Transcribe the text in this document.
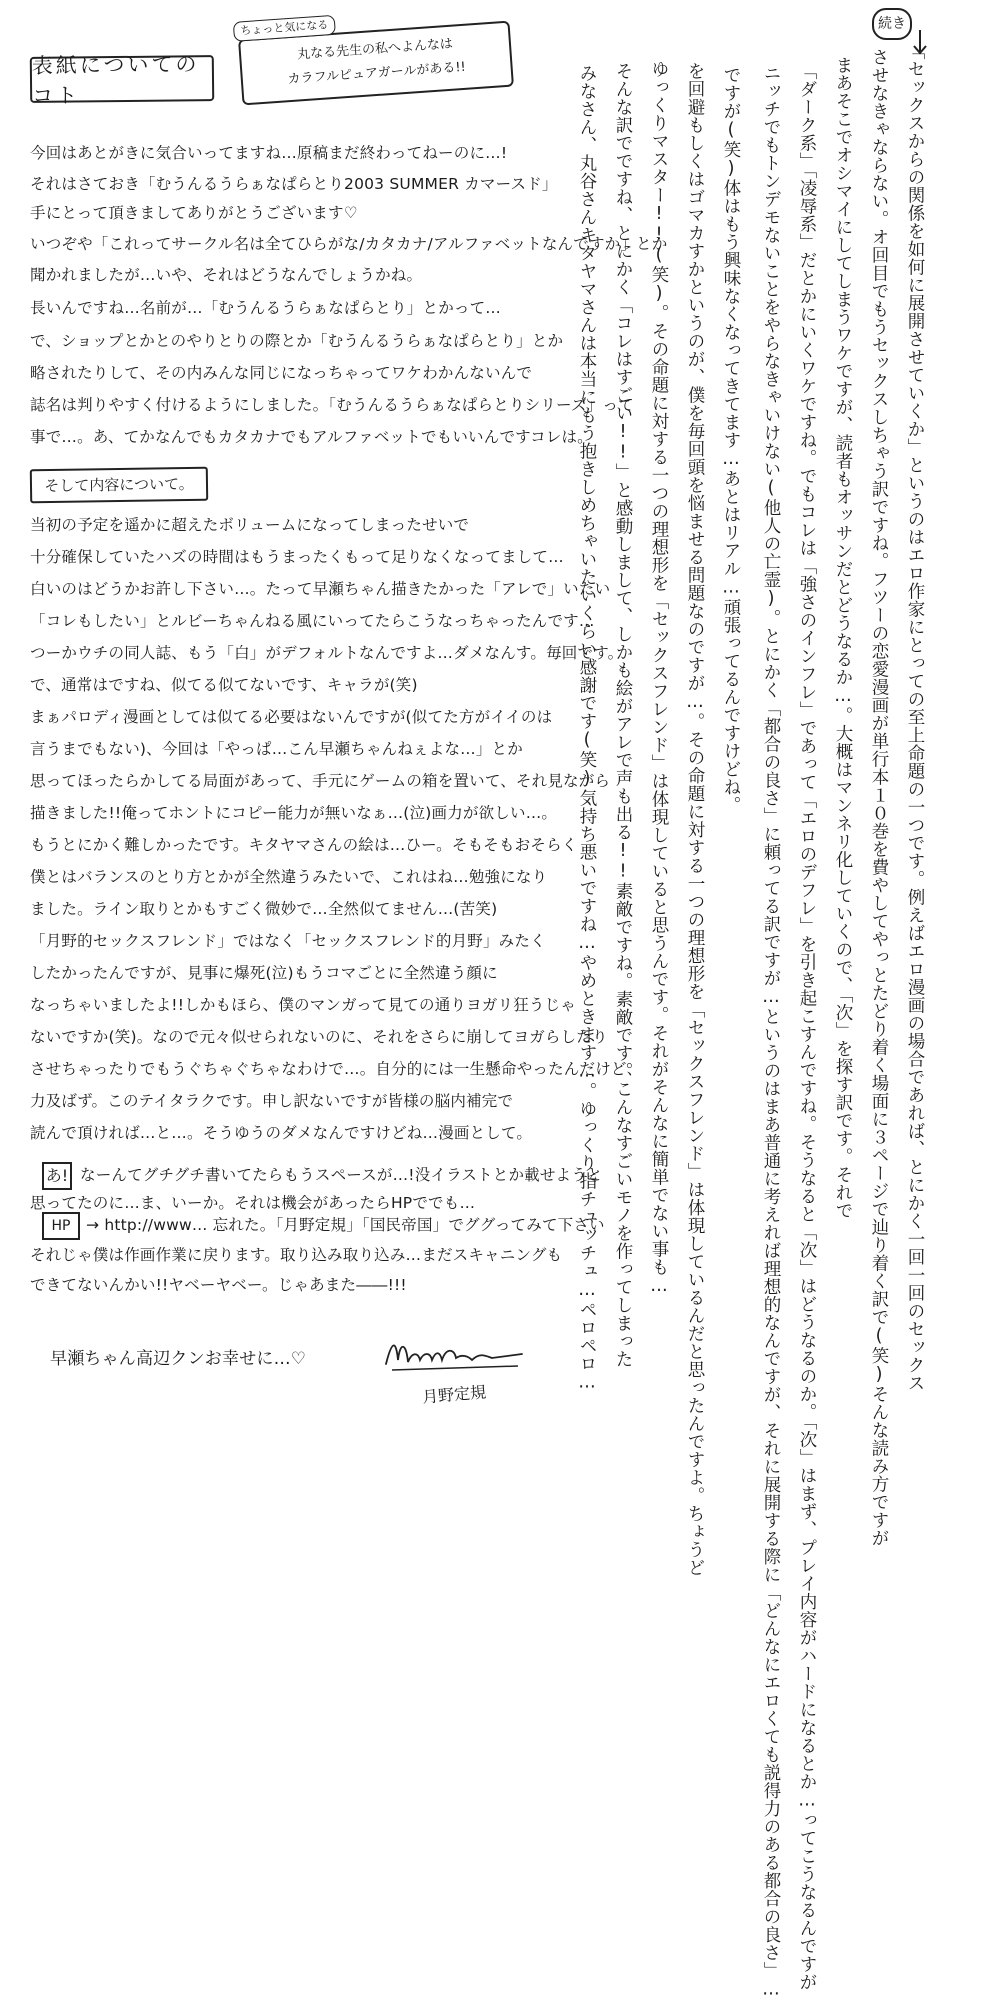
表紙についてのコト
ちょっと気になる
丸なる先生の私へよんなは
カラフルピュアガールがある!!
今回はあとがきに気合いってますね…原稿まだ終わってねーのに…!
それはさておき「むうんるうらぁなぱらとり2003 SUMMER カマースド」
手にとって頂きましてありがとうございます♡
いつぞや「これってサークル名は全てひらがな/カタカナ/アルファベットなんですか」とか
聞かれましたが…いや、それはどうなんでしょうかね。
長いんですね…名前が…「むうんるうらぁなぱらとり」とかって…
で、ショップとかとのやりとりの際とか「むうんるうらぁなぱらとり」とか
略されたりして、その内みんな同じになっちゃってワケわかんないんで
誌名は判りやすく付けるようにしました。「むうんるうらぁなぱらとりシリーズ」って
事で…。あ、てかなんでもカタカナでもアルファベットでもいいんですコレは。
そして内容について。
当初の予定を遥かに超えたボリュームになってしまったせいで
十分確保していたハズの時間はもうまったくもって足りなくなってまして…
白いのはどうかお許し下さい…。たって早瀬ちゃん描きたかった「アレで」いたい
「コレもしたい」とルビーちゃんねる風にいってたらこうなっちゃったんです…
つーかウチの同人誌、もう「白」がデフォルトなんですよ…ダメなんす。毎回です。
で、通常はですね、似てる似てないです、キャラが(笑)
まぁパロディ漫画としては似てる必要はないんですが(似てた方がイイのは
言うまでもない)、今回は「やっぱ…こん早瀬ちゃんねぇよな…」とか
思ってほったらかしてる局面があって、手元にゲームの箱を置いて、それ見ながら
描きました!!俺ってホントにコピー能力が無いなぁ…(泣)画力が欲しい…。
もうとにかく難しかったです。キタヤマさんの絵は…ひー。そもそもおそらく
僕とはバランスのとり方とかが全然違うみたいで、これはね…勉強になり
ました。ライン取りとかもすごく微妙で…全然似てません…(苦笑)
「月野的セックスフレンド」ではなく「セックスフレンド的月野」みたく
したかったんですが、見事に爆死(泣)もうコマごとに全然違う顔に
なっちゃいましたよ!!しかもほら、僕のマンガって見ての通りヨガリ狂うじゃ
ないですか(笑)。なので元々似せられないのに、それをさらに崩してヨガらしたり
させちゃったりでもうぐちゃぐちゃなわけで…。自分的には一生懸命やったんだけど、
力及ばず。このテイタラクです。申し訳ないですが皆様の脳内補完で
読んで頂ければ…と…。そうゆうのダメなんですけどね…漫画として。
あ! なーんてグチグチ書いてたらもうスペースが…!没イラストとか載せようと
思ってたのに…ま、いーか。それは機会があったらHPででも…
HP	→ http://www… 忘れた。「月野定規」「国民帝国」でググってみて下さい
それじゃ僕は作画作業に戻ります。取り込み取り込み…まだスキャニングも
できてないんかい!!ヤベーヤベー。じゃあまた――!!!
早瀬ちゃん高辺クンお幸せに…♡
月野定規
続き
「セックスからの関係を如何に展開させていくか」というのはエロ作家にとっての至上命題の一つです。例えばエロ漫画の場合であれば、とにかく一回一回のセックス
させなきゃならない。オ回目でもうセックスしちゃう訳ですね。フツーの恋愛漫画が単行本１０巻を費やしてやっとたどり着く場面に３ページで辿り着く訳で(笑)そんな読み方ですが
まあそこでオシマイにしてしまうワケですが、読者もオッサンだとどうなるか…。大概はマンネリ化していくので、「次」を探す訳です。それで
「ダーク系」「凌辱系」だとかにいくワケですね。でもコレは「強さのインフレ」であって「エロのデフレ」を引き起こすんですね。そうなると「次」はどうなるのか。「次」はまず、プレイ内容がハードになるとか…ってこうなるんですが
ニッチでもトンデモないことをやらなきゃいけない(他人の亡霊)。とにかく「都合の良さ」に頼ってる訳ですが…というのはまあ普通に考えれば理想的なんですが、それに展開する際に「どんなにエロくても説得力のある都合の良さ」…
ですが(笑)体はもう興味なくなってきてます…あとはリアル…頑張ってるんですけどね。
を回避もしくはゴマカすかというのが、僕を毎回頭を悩ませる問題なのですが…。その命題に対する一つの理想形を「セックスフレンド」は体現しているんだと思ったんですよ。ちょうど
ゆっくりマスター!!(笑)。その命題に対する一つの理想形を「セックスフレンド」は体現していると思うんです。それがそんなに簡単でない事も…
そんな訳でですね、とにかく「コレはすごい!!」と感動しまして、しかも絵がアレで声も出る!!素敵ですね。素敵です。こんなすごいモノを作ってしまった
みなさん、丸谷さんキタヤマさんは本当にもう抱きしめちゃいたいくらい感謝です(笑)気持ち悪いですね…やめときます…。ゆっくり指チュッチュ…ペロペロ…
